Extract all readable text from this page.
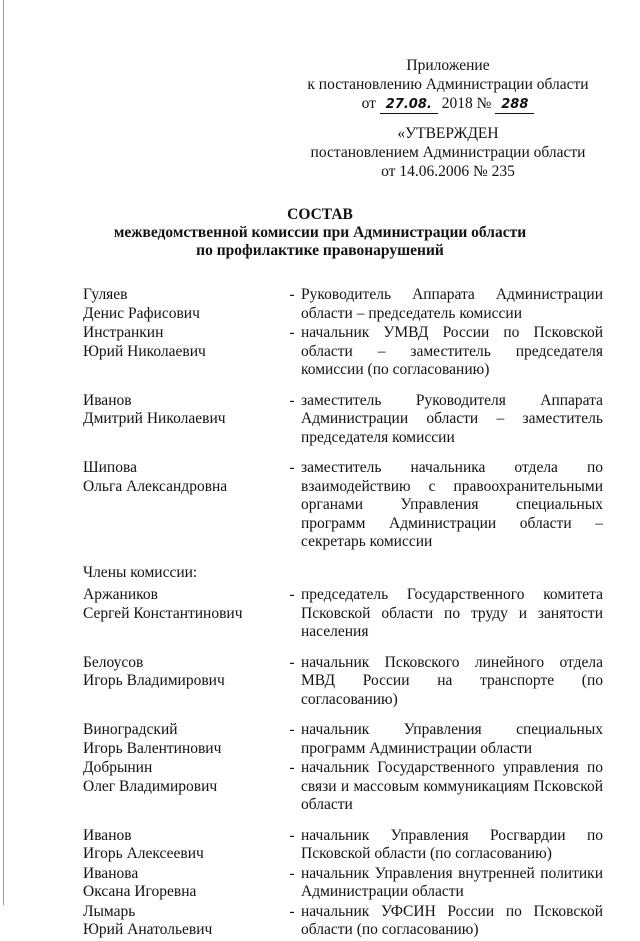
Приложение
к постановлению Администрации области
от 27.08. 2018 № 288
«УТВЕРЖДЕН
постановлением Администрации области
от 14.06.2006 № 235
СОСТАВ
межведомственной комиссии при Администрации области
по профилактике правонарушений
Гуляев
Денис Рафисович
- Руководитель Аппарата Администрации области – председатель комиссии
Инстранкин
Юрий Николаевич
- начальник УМВД России по Псковской области – заместитель председателя комиссии (по согласованию)
Иванов
Дмитрий Николаевич
- заместитель Руководителя Аппарата Администрации области – заместитель председателя комиссии
Шипова
Ольга Александровна
- заместитель начальника отдела по взаимодействию с правоохранительными органами Управления специальных программ Администрации области – секретарь комиссии
Члены комиссии:
Аржаников
Сергей Константинович
- председатель Государственного комитета Псковской области по труду и занятости населения
Белоусов
Игорь Владимирович
- начальник Псковского линейного отдела МВД России на транспорте (по согласованию)
Виноградский
Игорь Валентинович
- начальник Управления специальных программ Администрации области
Добрынин
Олег Владимирович
- начальник Государственного управления по связи и массовым коммуникациям Псковской области
Иванов
Игорь Алексеевич
- начальник Управления Росгвардии по Псковской области (по согласованию)
Иванова
Оксана Игоревна
- начальник Управления внутренней политики Администрации области
Лымарь
Юрий Анатольевич
- начальник УФСИН России по Псковской области (по согласованию)
